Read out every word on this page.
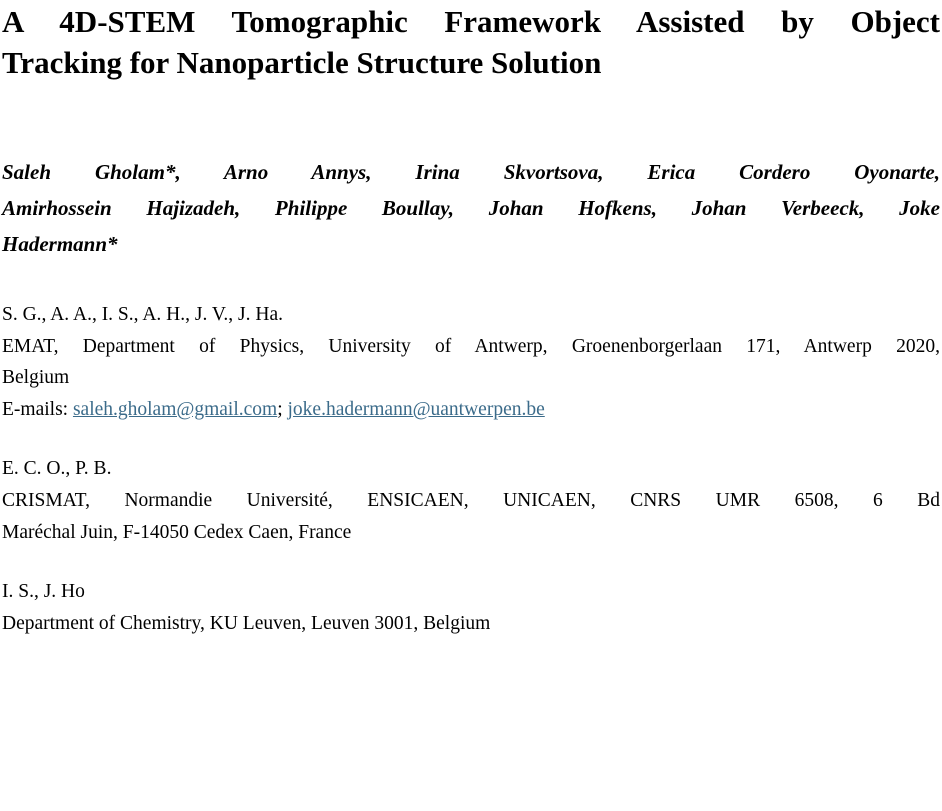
A 4D-STEM Tomographic Framework Assisted by Object
Tracking for Nanoparticle Structure Solution
Saleh Gholam*, Arno Annys, Irina Skvortsova, Erica Cordero Oyonarte,
Amirhossein Hajizadeh, Philippe Boullay, Johan Hofkens, Johan Verbeeck, Joke
Hadermann*
S. G., A. A., I. S., A. H., J. V., J. Ha.
EMAT, Department of Physics, University of Antwerp, Groenenborgerlaan 171, Antwerp 2020,
Belgium
E-mails: saleh.gholam@gmail.com; joke.hadermann@uantwerpen.be
E. C. O., P. B.
CRISMAT, Normandie Université, ENSICAEN, UNICAEN, CNRS UMR 6508, 6 Bd
Maréchal Juin, F-14050 Cedex Caen, France
I. S., J. Ho
Department of Chemistry, KU Leuven, Leuven 3001, Belgium
